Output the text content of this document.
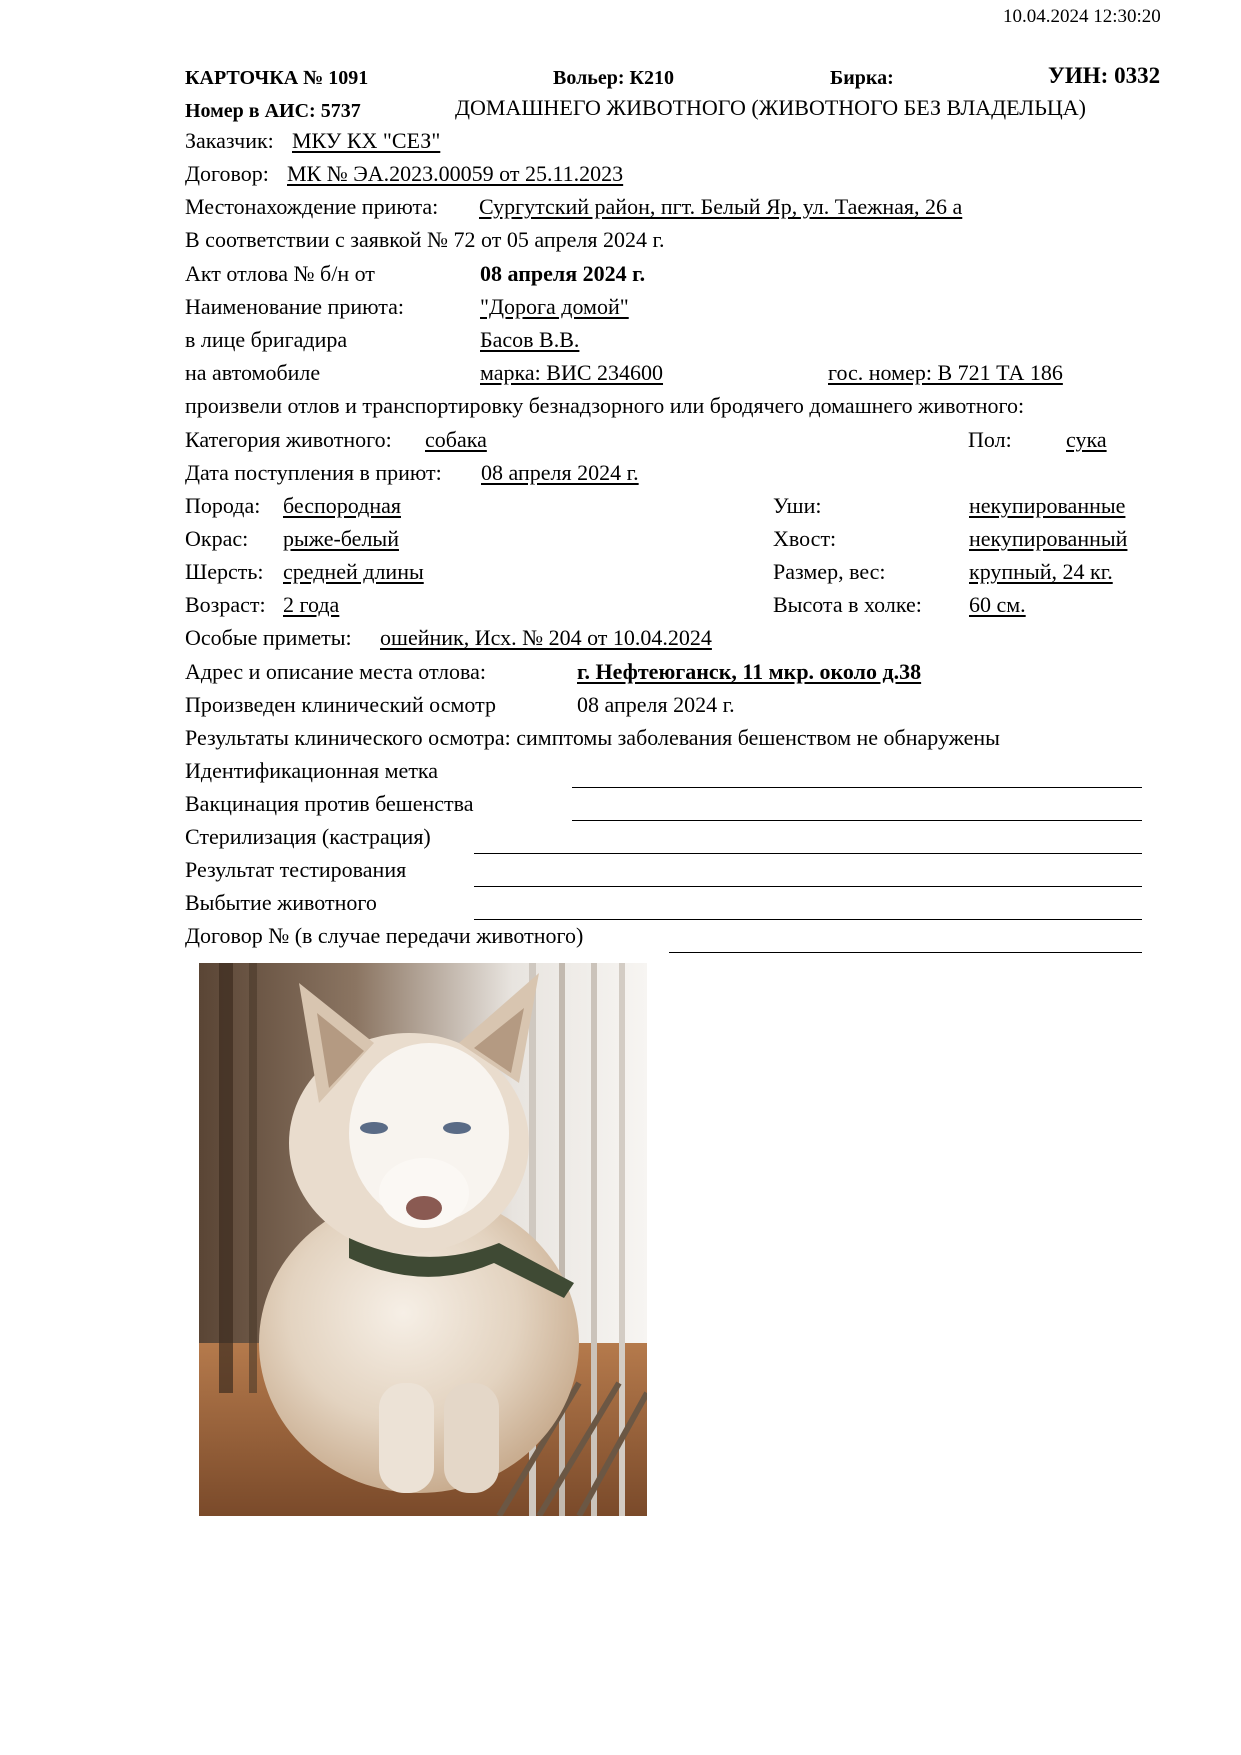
10.04.2024 12:30:20
КАРТОЧКА № 1091	Вольер: К210	Бирка:	УИН: 0332
Номер в АИС: 5737	ДОМАШНЕГО ЖИВОТНОГО (ЖИВОТНОГО БЕЗ ВЛАДЕЛЬЦА)
Заказчик: МКУ КХ "СЕЗ"
Договор: МК № ЭА.2023.00059 от 25.11.2023
Местонахождение приюта: Сургутский район, пгт. Белый Яр, ул. Таежная, 26 а
В соответствии с заявкой № 72 от 05 апреля 2024 г.
Акт отлова № б/н от	08 апреля 2024 г.
Наименование приюта:	"Дорога домой"
в лице бригадира	Басов В.В.
на автомобиле	марка: ВИС 234600	гос. номер: В 721 ТА 186
произвели отлов и транспортировку безнадзорного или бродячего домашнего животного:
Категория животного: собака	Пол: сука
Дата поступления в приют: 08 апреля 2024 г.
Порода: беспородная	Уши:	некупированные
Окрас: рыже-белый	Хвост:	некупированный
Шерсть: средней длины	Размер, вес:	крупный, 24 кг.
Возраст: 2 года	Высота в холке: 60 см.
Особые приметы: ошейник, Исх. № 204 от 10.04.2024
Адрес и описание места отлова:	г. Нефтеюганск, 11 мкр. около д.38
Произведен клинический осмотр	08 апреля 2024 г.
Результаты клинического осмотра: симптомы заболевания бешенством не обнаружены
Идентификационная метка
Вакцинация против бешенства
Стерилизация (кастрация)
Результат тестирования
Выбытие животного
Договор № (в случае передачи животного)
